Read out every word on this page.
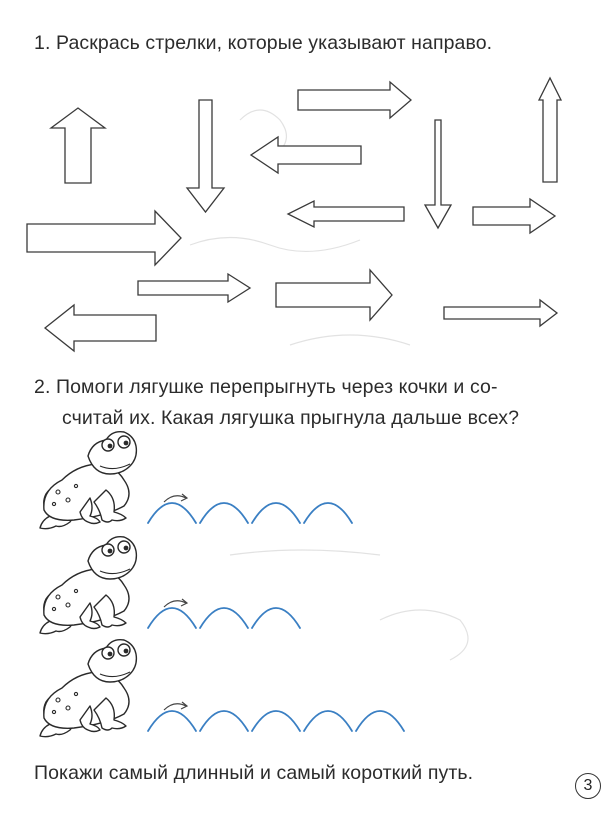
1. Раскрась стрелки, которые указывают направо.
2. Помоги лягушке перепрыгнуть через кочки и со-
считай их. Какая лягушка прыгнула дальше всех?
Покажи самый длинный и самый короткий путь.
3
